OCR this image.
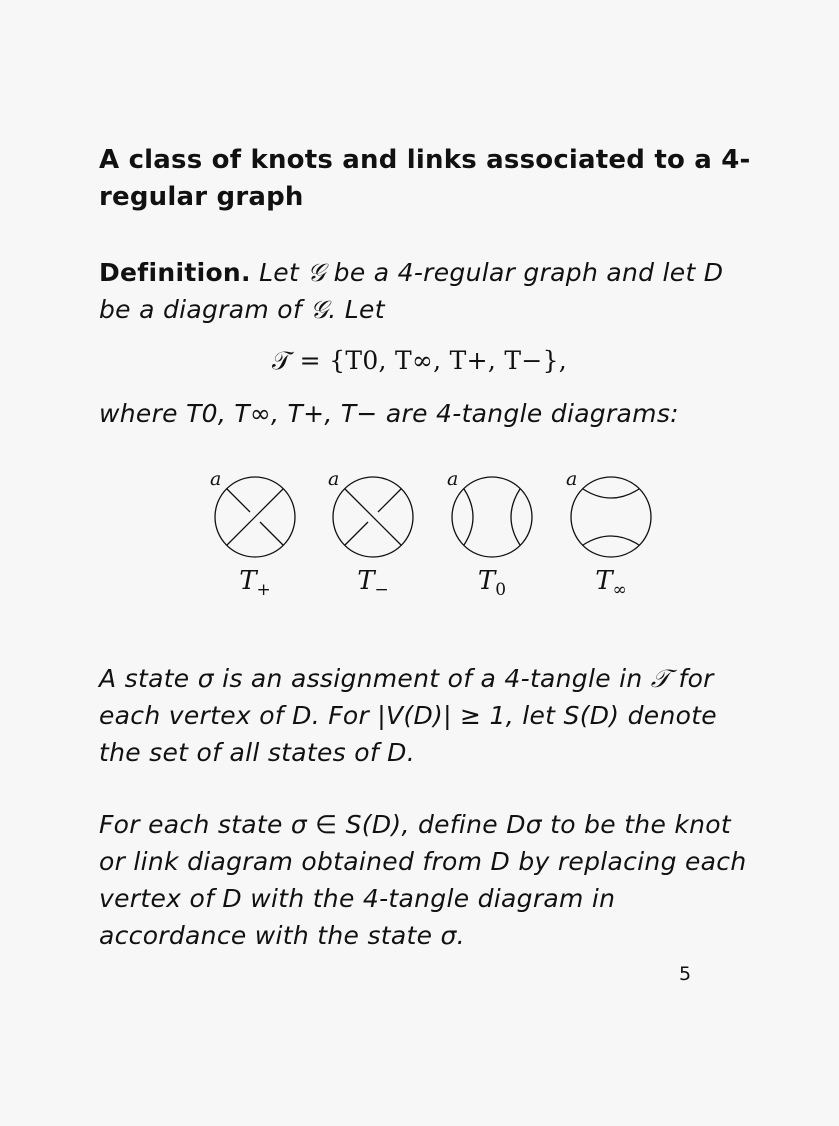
A class of knots and links associated to a 4-regular graph
Definition. Let 𝒢 be a 4-regular graph and let D be a diagram of 𝒢. Let
𝒯 = {T0, T∞, T+, T−},
where T0, T∞, T+, T− are 4-tangle diagrams:
a	a	a	a
$T_+$	$T_-$	$T_0$	$T_\infty$
A state σ is an assignment of a 4-tangle in 𝒯 for each vertex of D. For |V(D)| ≥ 1, let S(D) denote the set of all states of D.
For each state σ ∈ S(D), define Dσ to be the knot or link diagram obtained from D by replacing each vertex of D with the 4-tangle diagram in accordance with the state σ.
5
